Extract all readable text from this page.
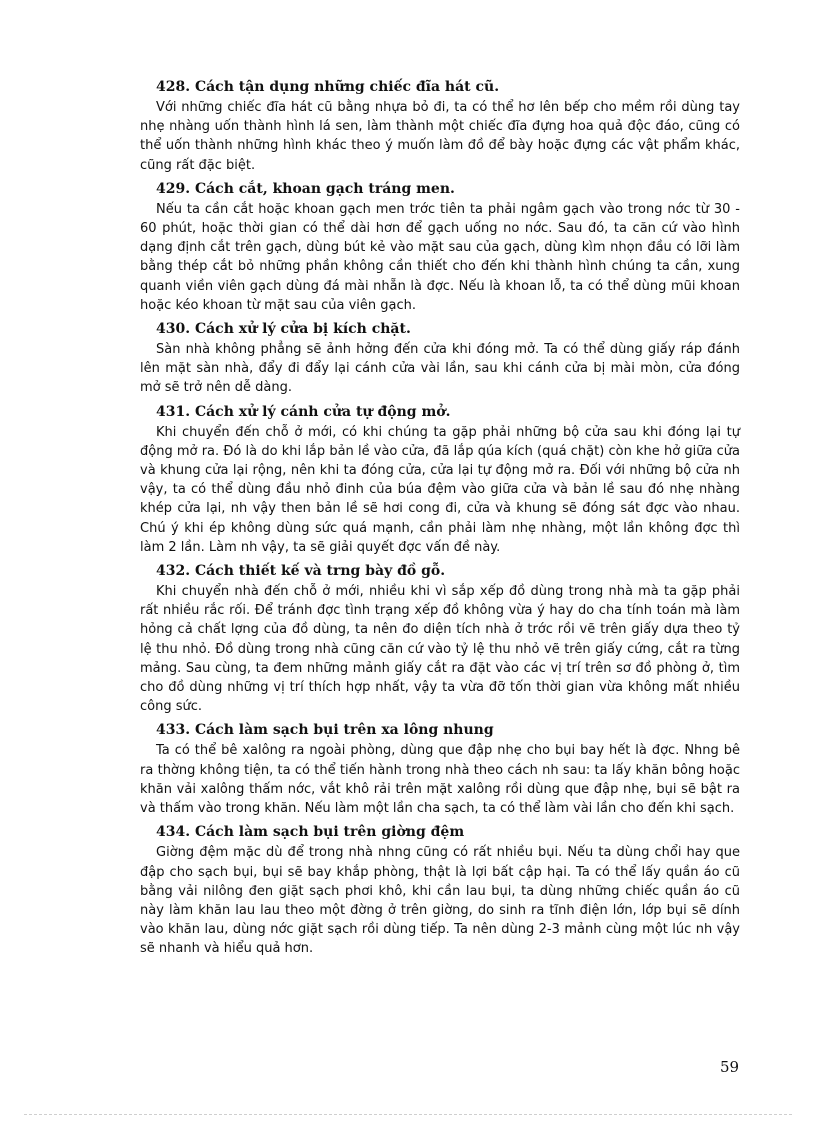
428. Cách tận dụng những chiếc đĩa hát cũ.

Với những chiếc đĩa hát cũ bằng nhựa bỏ đi, ta có thể hơ lên bếp cho mềm rồi dùng tay nhẹ nhàng uốn thành hình lá sen, làm thành một chiếc đĩa đựng hoa quả độc đáo, cũng có thể uốn thành những hình khác theo ý muốn làm đồ để bày hoặc đựng các vật phẩm khác, cũng rất đặc biệt.

429. Cách cắt, khoan gạch tráng men.

Nếu ta cần cắt hoặc khoan gạch men trớc tiên ta phải ngâm gạch vào trong nớc từ 30 - 60 phút, hoặc thời gian có thể dài hơn để gạch uống no nớc. Sau đó, ta căn cứ vào hình dạng định cắt trên gạch, dùng bút kẻ vào mặt sau của gạch, dùng kìm nhọn đầu có lỡi làm bằng thép cắt bỏ những phần không cần thiết cho đến khi thành hình chúng ta cần, xung quanh viền viên gạch dùng đá mài nhẵn là đợc. Nếu là khoan lỗ, ta có thể dùng mũi khoan hoặc kéo khoan từ mặt sau của viên gạch.

430. Cách xử lý cửa bị kích chặt.

Sàn nhà không phẳng sẽ ảnh hởng đến cửa khi đóng mở. Ta có thể dùng giấy ráp đánh lên mặt sàn nhà, đẩy đi đẩy lại cánh cửa vài lần, sau khi cánh cửa bị mài mòn, cửa đóng mở sẽ trở nên dễ dàng.

431. Cách xử lý cánh cửa tự động mở.

Khi chuyển đến chỗ ở mới, có khi chúng ta gặp phải những bộ cửa sau khi đóng lại tự động mở ra. Đó là do khi lắp bản lề vào cửa, đã lắp qúa kích (quá chặt) còn khe hở giữa cửa và khung cửa lại rộng, nên khi ta đóng cửa, cửa lại tự động mở ra. Đối với những bộ cửa nh vậy, ta có thể dùng đầu nhỏ đinh của búa đệm vào giữa cửa và bản lề sau đó nhẹ nhàng khép cửa lại, nh vậy then bản lề sẽ hơi cong đi, cửa và khung sẽ đóng sát đợc vào nhau. Chú ý khi ép không dùng sức quá mạnh, cần phải làm nhẹ nhàng, một lần không đợc thì làm 2 lần. Làm nh vậy, ta sẽ giải quyết đợc vấn đề này.

432. Cách thiết kế và trng bày đồ gỗ.

Khi chuyển nhà đến chỗ ở mới, nhiều khi vì sắp xếp đồ dùng trong nhà mà ta gặp phải rất nhiều rắc rối. Để tránh đợc tình trạng xếp đồ không vừa ý hay do cha tính toán mà làm hỏng cả chất lợng của đồ dùng, ta nên đo diện tích nhà ở trớc rồi vẽ trên giấy dựa theo tỷ lệ thu nhỏ. Đồ dùng trong nhà cũng căn cứ vào tỷ lệ thu nhỏ vẽ trên giấy cứng, cắt ra từng mảng. Sau cùng, ta đem những mảnh giấy cắt ra đặt vào các vị trí trên sơ đồ phòng ở, tìm cho đồ dùng những vị trí thích hợp nhất, vậy ta vừa đỡ tốn thời gian vừa không mất nhiều công sức.

433. Cách làm sạch bụi trên xa lông nhung

Ta có thể bê xalông ra ngoài phòng, dùng que đập nhẹ cho bụi bay hết là đợc. Nhng bê ra thờng không tiện, ta có thể tiến hành trong nhà theo cách nh sau: ta lấy khăn bông hoặc khăn vải xalông thấm nớc, vắt khô rải trên mặt xalông rồi dùng que đập nhẹ, bụi sẽ bật ra và thấm vào trong khăn. Nếu làm một lần cha sạch, ta có thể làm vài lần cho đến khi sạch.

434. Cách làm sạch bụi trên giờng đệm

Giờng đệm mặc dù để trong nhà nhng cũng có rất nhiều bụi. Nếu ta dùng chổi hay que đập cho sạch bụi, bụi sẽ bay khắp phòng, thật là lợi bất cập hại. Ta có thể lấy quần áo cũ bằng vải nilông đen giặt sạch phơi khô, khi cần lau bụi, ta dùng những chiếc quần áo cũ này làm khăn lau lau theo một đờng ở trên giờng, do sinh ra tĩnh điện lớn, lớp bụi sẽ dính vào khăn lau, dùng nớc giặt sạch rồi dùng tiếp. Ta nên dùng 2-3 mảnh cùng một lúc nh vậy sẽ nhanh và hiểu quả hơn.

59
